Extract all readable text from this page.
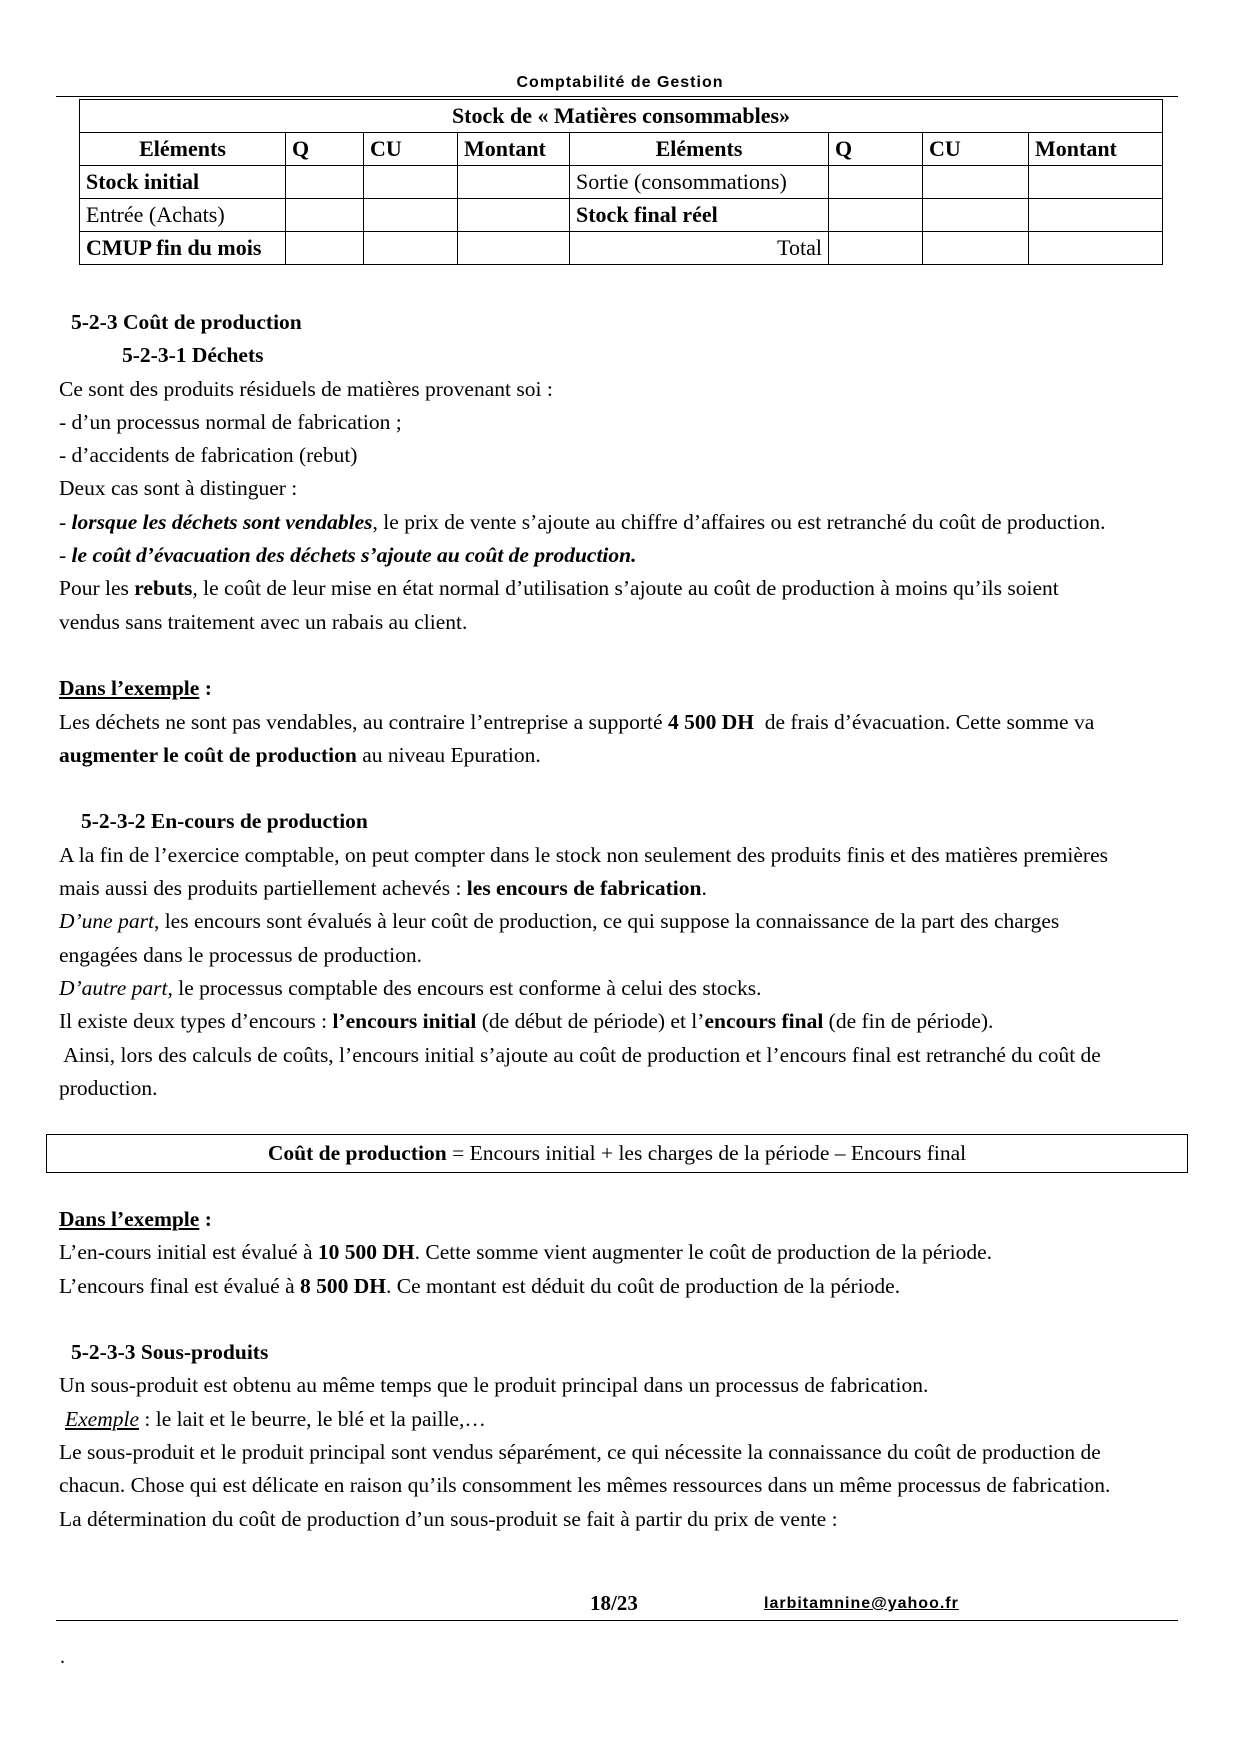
Comptabilité de Gestion
Stock de « Matières consommables»							
Eléments	Q	CU	Montant	Eléments	Q	CU	Montant
Stock initial				Sortie (consommations)			
Entrée (Achats)				Stock final réel			
CMUP fin du mois				Total			

5-2-3 Coût de production

5-2-3-1 Déchets

Ce sont des produits résiduels de matières provenant soi :

- d’un processus normal de fabrication ;

- d’accidents de fabrication (rebut)

Deux cas sont à distinguer :

- lorsque les déchets sont vendables, le prix de vente s’ajoute au chiffre d’affaires ou est retranché du coût de production.

- le coût d’évacuation des déchets s’ajoute au coût de production.

Pour les rebuts, le coût de leur mise en état normal d’utilisation s’ajoute au coût de production à moins qu’ils soient

vendus sans traitement avec un rabais au client.

Dans l’exemple :

Les déchets ne sont pas vendables, au contraire l’entreprise a supporté 4 500 DH  de frais d’évacuation. Cette somme va

augmenter le coût de production au niveau Epuration.

5-2-3-2 En-cours de production

A la fin de l’exercice comptable, on peut compter dans le stock non seulement des produits finis et des matières premières

mais aussi des produits partiellement achevés : les encours de fabrication.

D’une part, les encours sont évalués à leur coût de production, ce qui suppose la connaissance de la part des charges

engagées dans le processus de production.

D’autre part, le processus comptable des encours est conforme à celui des stocks.

Il existe deux types d’encours : l’encours initial (de début de période) et l’encours final (de fin de période).

Ainsi, lors des calculs de coûts, l’encours initial s’ajoute au coût de production et l’encours final est retranché du coût de

production.

Coût de production = Encours initial + les charges de la période – Encours final

Dans l’exemple :

L’en-cours initial est évalué à 10 500 DH. Cette somme vient augmenter le coût de production de la période.

L’encours final est évalué à 8 500 DH. Ce montant est déduit du coût de production de la période.

5-2-3-3 Sous-produits

Un sous-produit est obtenu au même temps que le produit principal dans un processus de fabrication.

Exemple : le lait et le beurre, le blé et la paille,…

Le sous-produit et le produit principal sont vendus séparément, ce qui nécessite la connaissance du coût de production de

chacun. Chose qui est délicate en raison qu’ils consomment les mêmes ressources dans un même processus de fabrication.

La détermination du coût de production d’un sous-produit se fait à partir du prix de vente :

18/23	larbitamnine@yahoo.fr
.
